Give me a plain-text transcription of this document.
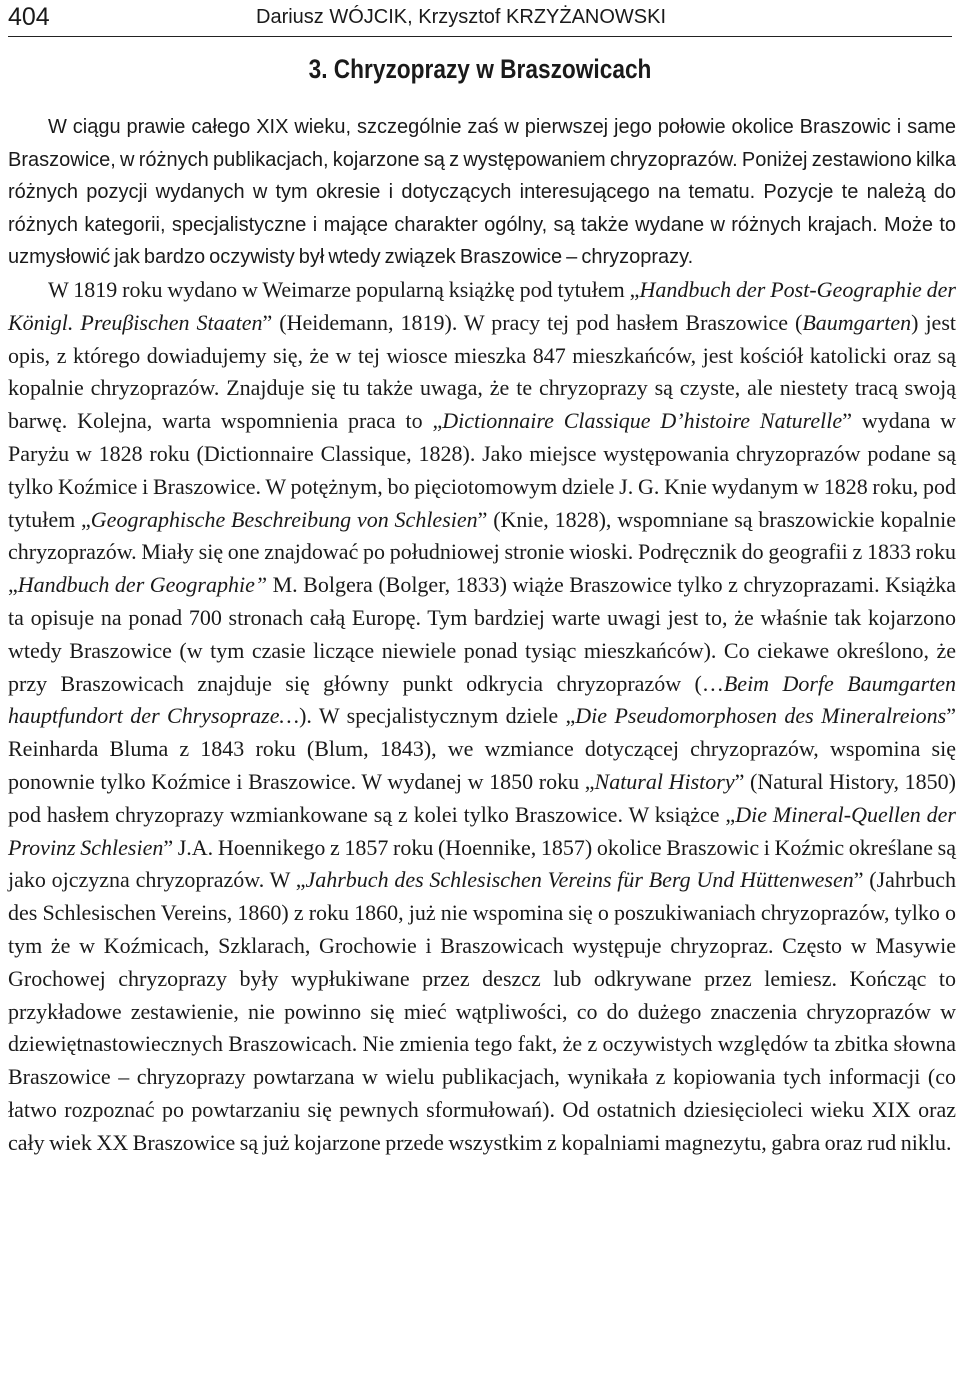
404	Dariusz WÓJCIK, Krzysztof KRZYŻANOWSKI
3. Chryzoprazy w Braszowicach

W ciągu prawie całego XIX wieku, szczególnie zaś w pierwszej jego połowie okolice Braszowic i same Braszowice, w różnych publikacjach, kojarzone są z występowaniem chryzoprazów. Poniżej zestawiono kilka różnych pozycji wydanych w tym okresie i dotyczących interesującego na tematu. Pozycje te należą do różnych kategorii, specjalistyczne i mające charakter ogólny, są także wydane w różnych krajach. Może to uzmysłowić jak bardzo oczywisty był wtedy związek Braszowice – chryzoprazy.

W 1819 roku wydano w Weimarze popularną książkę pod tytułem „Handbuch der Post-Geographie der Königl. Preuβischen Staaten” (Heidemann, 1819). W pracy tej pod hasłem Braszowice (Baumgarten) jest opis, z którego dowiadujemy się, że w tej wiosce mieszka 847 mieszkańców, jest kościół katolicki oraz są kopalnie chryzoprazów. Znajduje się tu także uwaga, że te chryzoprazy są czyste, ale niestety tracą swoją barwę. Kolejna, warta wspomnienia praca to „Dictionnaire Classique D’histoire Naturelle” wydana w Paryżu w 1828 roku (Dictionnaire Classique, 1828). Jako miejsce występowania chryzoprazów podane są tylko Koźmice i Braszowice. W potężnym, bo pięciotomowym dziele J. G. Knie wydanym w 1828 roku, pod tytułem „Geographische Beschreibung von Schlesien” (Knie, 1828), wspomniane są braszowickie kopalnie chryzoprazów. Miały się one znajdować po południowej stronie wioski. Podręcznik do geografii z 1833 roku „Handbuch der Geographie” M. Bolgera (Bolger, 1833) wiąże Braszowice tylko z chryzoprazami. Książka ta opisuje na ponad 700 stronach całą Europę. Tym bardziej warte uwagi jest to, że właśnie tak kojarzono wtedy Braszowice (w tym czasie liczące niewiele ponad tysiąc mieszkańców). Co ciekawe określono, że przy Braszowicach znajduje się główny punkt odkrycia chryzoprazów (…Beim Dorfe Baumgarten hauptfundort der Chrysopraze…). W specjalistycznym dziele „Die Pseudomorphosen des Mineralreions” Reinharda Bluma z 1843 roku (Blum, 1843), we wzmiance dotyczącej chryzoprazów, wspomina się ponownie tylko Koźmice i Braszowice. W wydanej w 1850 roku „Natural History” (Natural History, 1850) pod hasłem chryzoprazy wzmiankowane są z kolei tylko Braszowice. W książce „Die Mineral-Quellen der Provinz Schlesien” J.A. Hoennikego z 1857 roku (Hoennike, 1857) okolice Braszowic i Koźmic określane są jako ojczyzna chryzoprazów. W „Jahrbuch des Schlesischen Vereins für Berg Und Hüttenwesen” (Jahrbuch des Schlesischen Vereins, 1860) z roku 1860, już nie wspomina się o poszukiwaniach chryzoprazów, tylko o tym że w Koźmicach, Szklarach, Grochowie i Braszowicach występuje chryzopraz. Często w Masywie Grochowej chryzoprazy były wypłukiwane przez deszcz lub odkrywane przez lemiesz. Kończąc to przykładowe zestawienie, nie powinno się mieć wątpliwości, co do dużego znaczenia chryzoprazów w dziewiętnastowiecznych Braszowicach. Nie zmienia tego fakt, że z oczywistych względów ta zbitka słowna Braszowice – chryzoprazy powtarzana w wielu publikacjach, wynikała z kopiowania tych informacji (co łatwo rozpoznać po powtarzaniu się pewnych sformułowań). Od ostatnich dziesięcioleci wieku XIX oraz cały wiek XX Braszowice są już kojarzone przede wszystkim z kopalniami magnezytu, gabra oraz rud niklu.
